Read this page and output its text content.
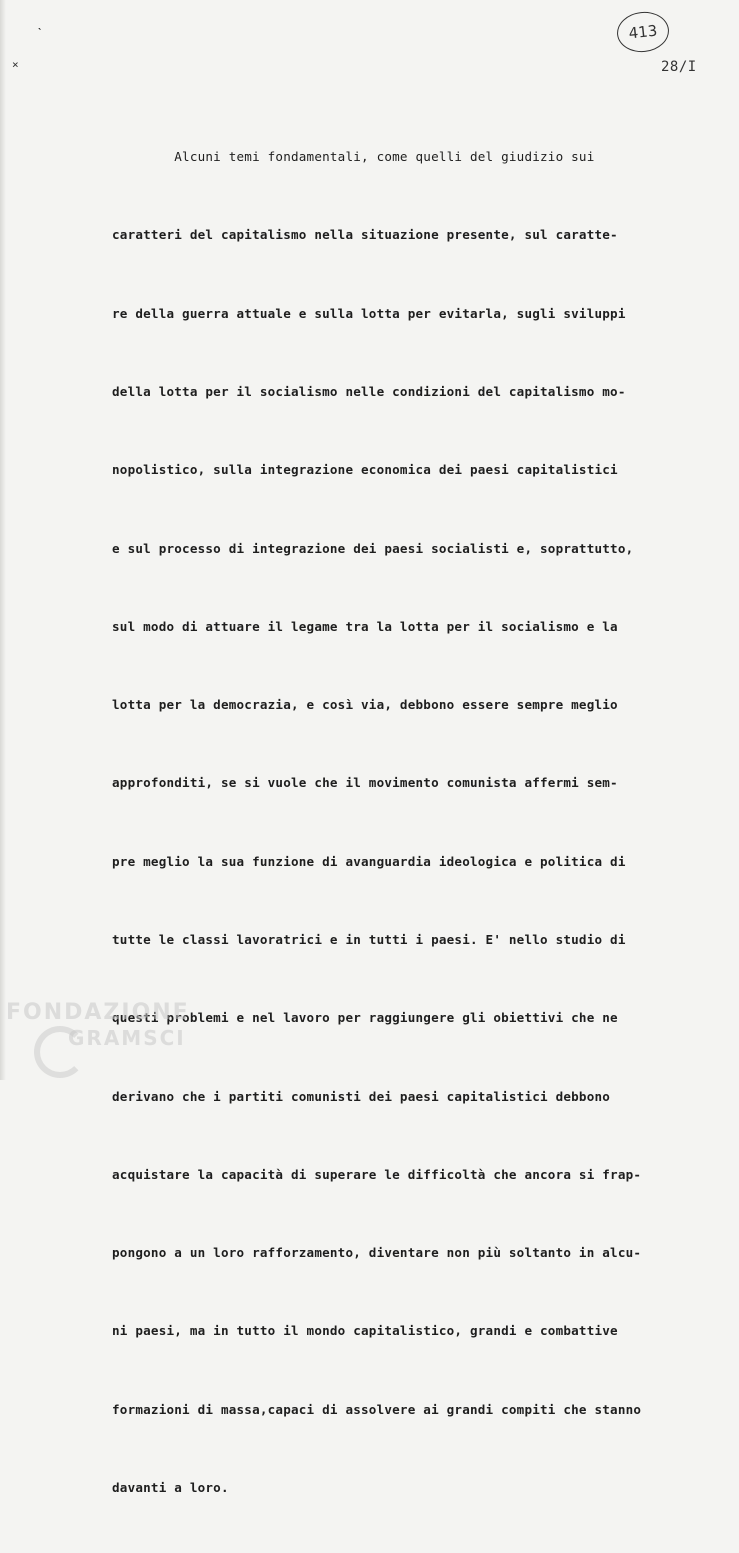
ˋ
×
413
28/I

Alcuni temi fondamentali, come quelli del giudizio sui

caratteri del capitalismo nella situazione presente, sul caratte-

re della guerra attuale e sulla lotta per evitarla, sugli sviluppi

della lotta per il socialismo nelle condizioni del capitalismo mo-

nopolistico, sulla integrazione economica dei paesi capitalistici

e sul processo di integrazione dei paesi socialisti e, soprattutto,

sul modo di attuare il legame tra la lotta per il socialismo e la

lotta per la democrazia, e così via, debbono essere sempre meglio

approfonditi, se si vuole che il movimento comunista affermi sem-

pre meglio la sua funzione di avanguardia ideologica e politica di

tutte le classi lavoratrici e in tutti i paesi. E' nello studio di

questi problemi e nel lavoro per raggiungere gli obiettivi che ne

derivano che i partiti comunisti dei paesi capitalistici debbono

acquistare la capacità di superare le difficoltà che ancora si frap-

pongono a un loro rafforzamento, diventare non più soltanto in alcu-

ni paesi, ma in tutto il mondo capitalistico, grandi e combattive

formazioni di massa,capaci di assolvere ai grandi compiti che stanno

davanti a loro.

FONDAZIONE
GRAMSCI
